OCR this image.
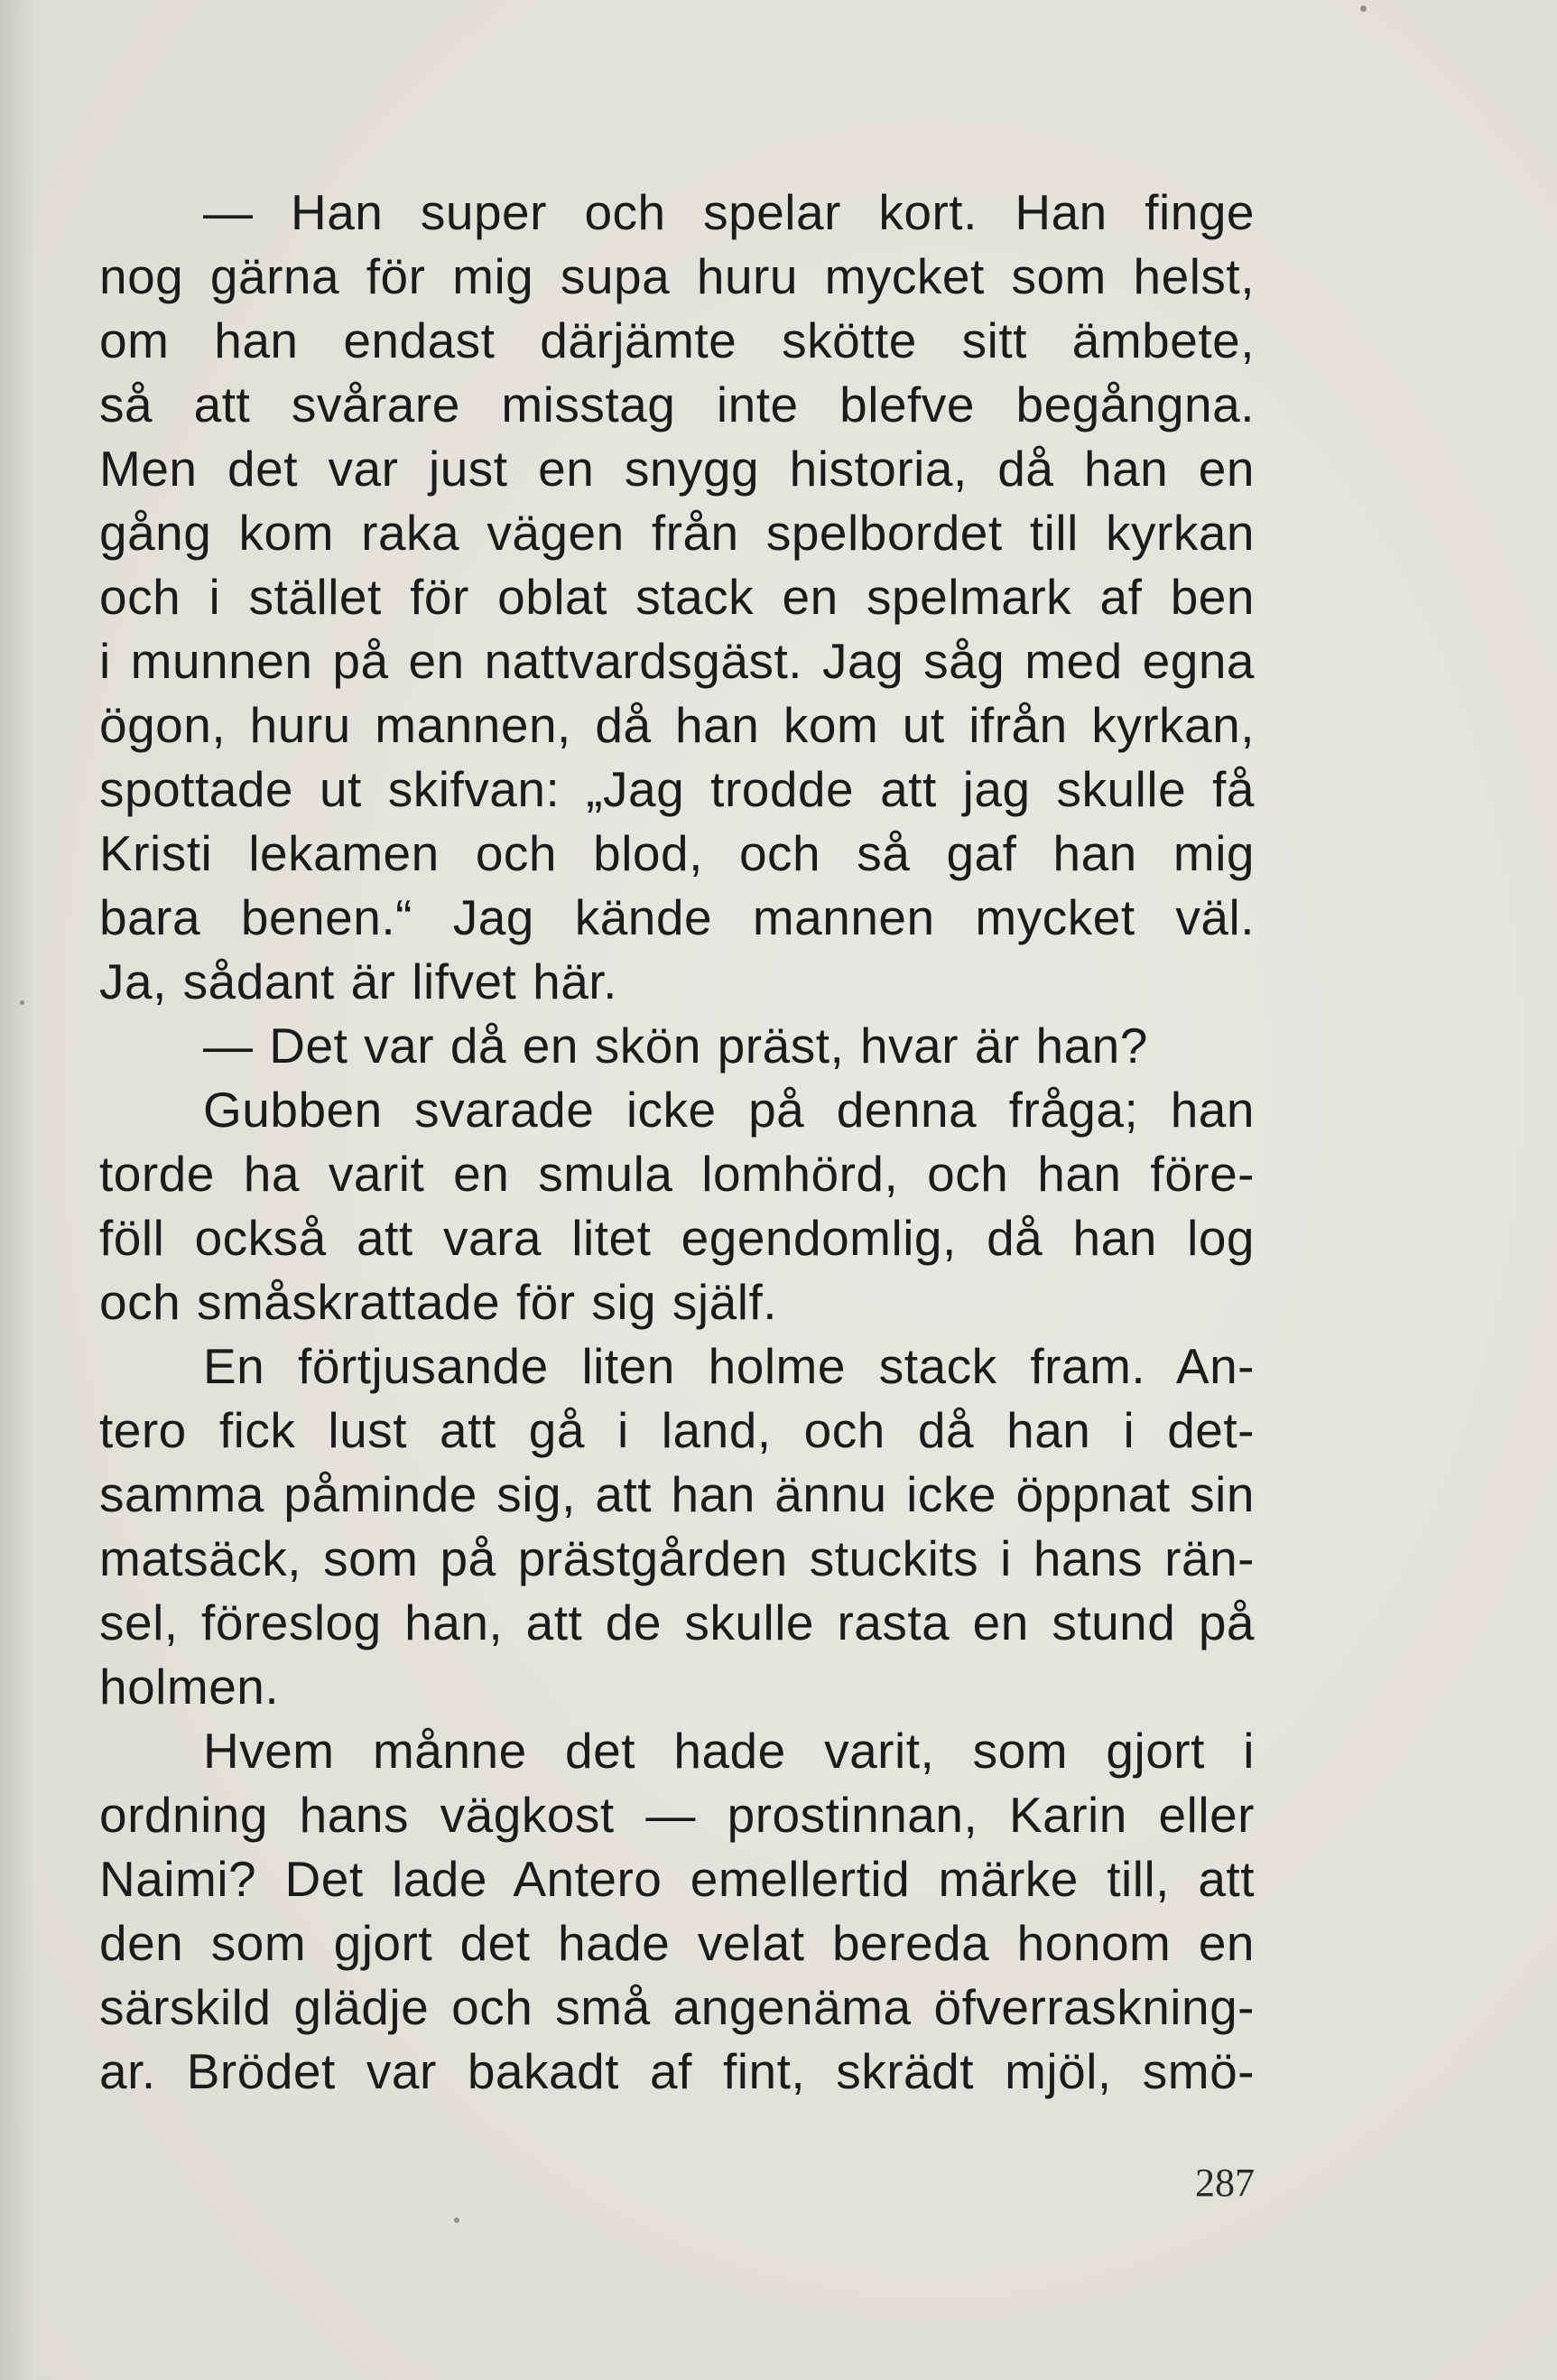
— Han super och spelar kort. Han finge
nog gärna för mig supa huru mycket som helst,
om han endast därjämte skötte sitt ämbete,
så att svårare misstag inte blefve begångna.
Men det var just en snygg historia, då han en
gång kom raka vägen från spelbordet till kyrkan
och i stället för oblat stack en spelmark af ben
i munnen på en nattvardsgäst. Jag såg med egna
ögon, huru mannen, då han kom ut ifrån kyrkan,
spottade ut skifvan: „Jag trodde att jag skulle få
Kristi lekamen och blod, och så gaf han mig
bara benen.“ Jag kände mannen mycket väl.
Ja, sådant är lifvet här.
— Det var då en skön präst, hvar är han?
Gubben svarade icke på denna fråga; han
torde ha varit en smula lomhörd, och han före-
föll också att vara litet egendomlig, då han log
och småskrattade för sig själf.
En förtjusande liten holme stack fram. An-
tero fick lust att gå i land, och då han i det-
samma påminde sig, att han ännu icke öppnat sin
matsäck, som på prästgården stuckits i hans rän-
sel, föreslog han, att de skulle rasta en stund på
holmen.
Hvem månne det hade varit, som gjort i
ordning hans vägkost — prostinnan, Karin eller
Naimi? Det lade Antero emellertid märke till, att
den som gjort det hade velat bereda honom en
särskild glädje och små angenäma öfverraskning-
ar. Brödet var bakadt af fint, skrädt mjöl, smö-
287
